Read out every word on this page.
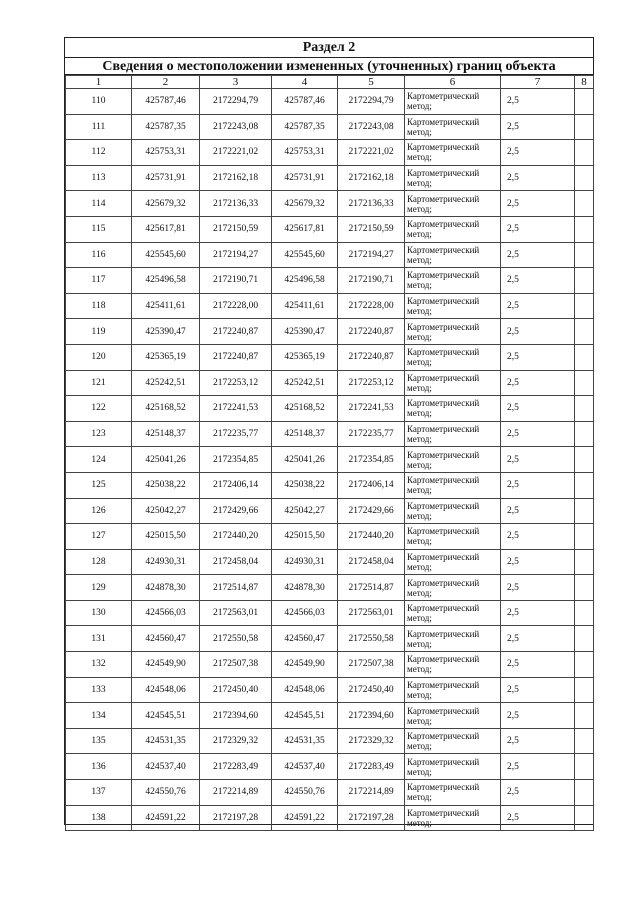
Раздел 2
Сведения о местоположении измененных (уточненных) границ объекта
1	2	3	4	5	6	7	8
110	425787,46	2172294,79	425787,46	2172294,79	Картометрический метод;	2,5	
111	425787,35	2172243,08	425787,35	2172243,08	Картометрический метод;	2,5	
112	425753,31	2172221,02	425753,31	2172221,02	Картометрический метод;	2,5	
113	425731,91	2172162,18	425731,91	2172162,18	Картометрический метод;	2,5	
114	425679,32	2172136,33	425679,32	2172136,33	Картометрический метод;	2,5	
115	425617,81	2172150,59	425617,81	2172150,59	Картометрический метод;	2,5	
116	425545,60	2172194,27	425545,60	2172194,27	Картометрический метод;	2,5	
117	425496,58	2172190,71	425496,58	2172190,71	Картометрический метод;	2,5	
118	425411,61	2172228,00	425411,61	2172228,00	Картометрический метод;	2,5	
119	425390,47	2172240,87	425390,47	2172240,87	Картометрический метод;	2,5	
120	425365,19	2172240,87	425365,19	2172240,87	Картометрический метод;	2,5	
121	425242,51	2172253,12	425242,51	2172253,12	Картометрический метод;	2,5	
122	425168,52	2172241,53	425168,52	2172241,53	Картометрический метод;	2,5	
123	425148,37	2172235,77	425148,37	2172235,77	Картометрический метод;	2,5	
124	425041,26	2172354,85	425041,26	2172354,85	Картометрический метод;	2,5	
125	425038,22	2172406,14	425038,22	2172406,14	Картометрический метод;	2,5	
126	425042,27	2172429,66	425042,27	2172429,66	Картометрический метод;	2,5	
127	425015,50	2172440,20	425015,50	2172440,20	Картометрический метод;	2,5	
128	424930,31	2172458,04	424930,31	2172458,04	Картометрический метод;	2,5	
129	424878,30	2172514,87	424878,30	2172514,87	Картометрический метод;	2,5	
130	424566,03	2172563,01	424566,03	2172563,01	Картометрический метод;	2,5	
131	424560,47	2172550,58	424560,47	2172550,58	Картометрический метод;	2,5	
132	424549,90	2172507,38	424549,90	2172507,38	Картометрический метод;	2,5	
133	424548,06	2172450,40	424548,06	2172450,40	Картометрический метод;	2,5	
134	424545,51	2172394,60	424545,51	2172394,60	Картометрический метод;	2,5	
135	424531,35	2172329,32	424531,35	2172329,32	Картометрический метод;	2,5	
136	424537,40	2172283,49	424537,40	2172283,49	Картометрический метод;	2,5	
137	424550,76	2172214,89	424550,76	2172214,89	Картометрический метод;	2,5	
138	424591,22	2172197,28	424591,22	2172197,28	Картометрический метод;	2,5	
